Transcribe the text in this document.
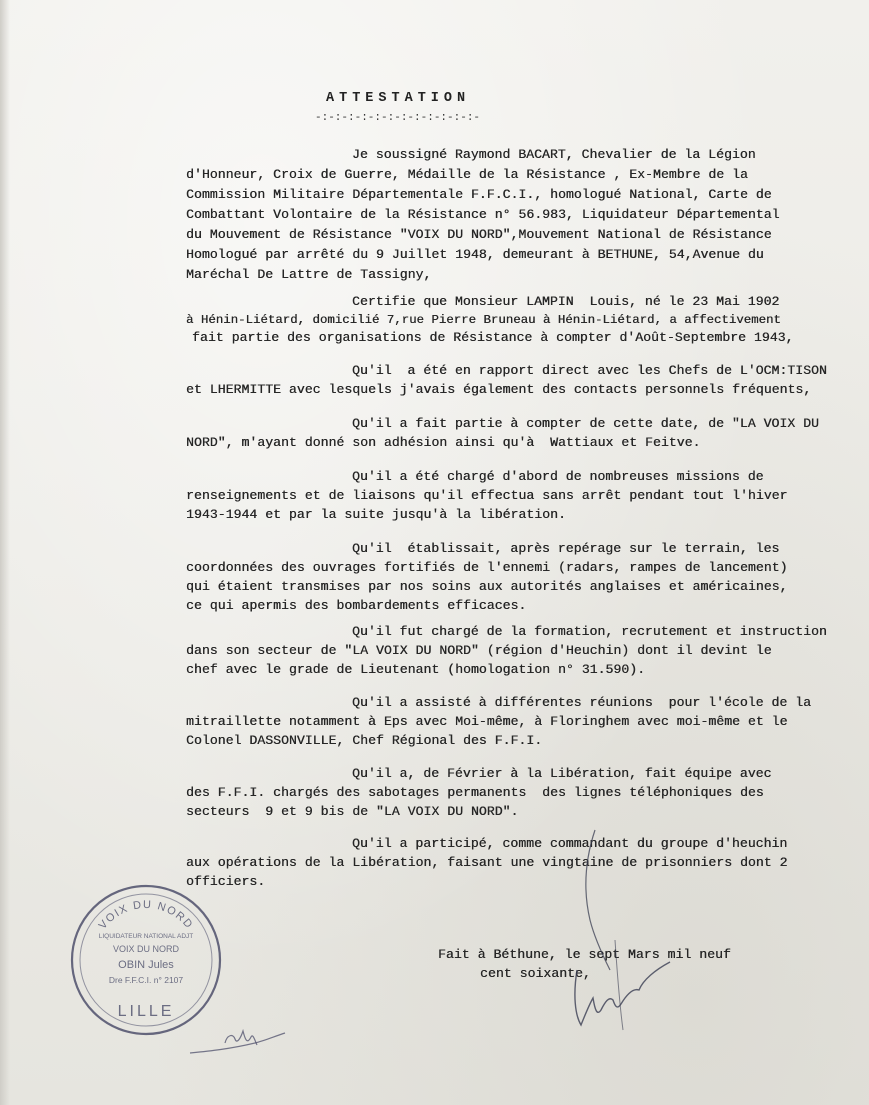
ATTESTATION
-:-:-:-:-:-:-:-:-:-:-:-:-
Je soussigné Raymond BACART, Chevalier de la Légion
d'Honneur, Croix de Guerre, Médaille de la Résistance , Ex-Membre de la
Commission Militaire Départementale F.F.C.I., homologué National, Carte de
Combattant Volontaire de la Résistance n° 56.983, Liquidateur Départemental
du Mouvement de Résistance "VOIX DU NORD",Mouvement National de Résistance
Homologué par arrêté du 9 Juillet 1948, demeurant à BETHUNE, 54,Avenue du
Maréchal De Lattre de Tassigny,
Certifie que Monsieur LAMPIN  Louis, né le 23 Mai 1902
à Hénin-Liétard, domicilié 7,rue Pierre Bruneau à Hénin-Liétard, a affectivement
fait partie des organisations de Résistance à compter d'Août-Septembre 1943,
Qu'il  a été en rapport direct avec les Chefs de L'OCM:TISON
et LHERMITTE avec lesquels j'avais également des contacts personnels fréquents,
Qu'il a fait partie à compter de cette date, de "LA VOIX DU
NORD", m'ayant donné son adhésion ainsi qu'à  Wattiaux et Feitve.
Qu'il a été chargé d'abord de nombreuses missions de
renseignements et de liaisons qu'il effectua sans arrêt pendant tout l'hiver
1943-1944 et par la suite jusqu'à la libération.
Qu'il  établissait, après repérage sur le terrain, les
coordonnées des ouvrages fortifiés de l'ennemi (radars, rampes de lancement)
qui étaient transmises par nos soins aux autorités anglaises et américaines,
ce qui apermis des bombardements efficaces.
Qu'il fut chargé de la formation, recrutement et instruction
dans son secteur de "LA VOIX DU NORD" (région d'Heuchin) dont il devint le
chef avec le grade de Lieutenant (homologation n° 31.590).
Qu'il a assisté à différentes réunions  pour l'école de la
mitraillette notamment à Eps avec Moi-même, à Floringhem avec moi-même et le
Colonel DASSONVILLE, Chef Régional des F.F.I.
Qu'il a, de Février à la Libération, fait équipe avec
des F.F.I. chargés des sabotages permanents  des lignes téléphoniques des
secteurs  9 et 9 bis de "LA VOIX DU NORD".
Qu'il a participé, comme commandant du groupe d'heuchin
aux opérations de la Libération, faisant une vingtaine de prisonniers dont 2
officiers.
Fait à Béthune, le sept Mars mil neuf
cent soixante,
VOIX DU NORD
LIQUIDATEUR NATIONAL ADJT
VOIX DU NORD
OBIN Jules
Dre F.F.C.I. n° 2107
LILLE
